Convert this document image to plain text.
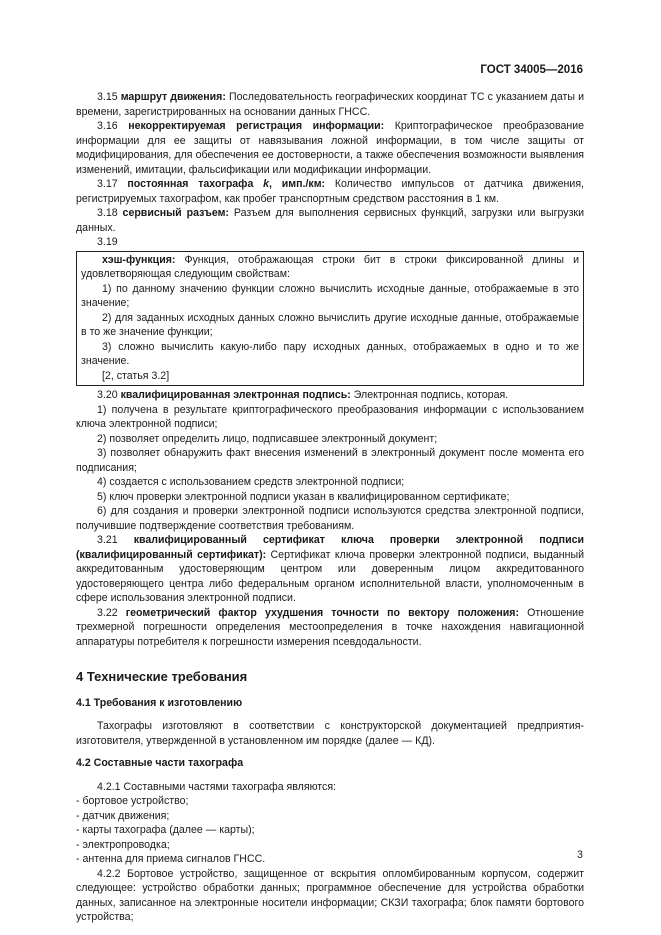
ГОСТ 34005—2016

3.15 маршрут движения: Последовательность географических координат ТС с указанием даты и времени, зарегистрированных на основании данных ГНСС.

3.16 некорректируемая регистрация информации: Криптографическое преобразование информации для ее защиты от навязывания ложной информации, в том числе защиты от модифицирования, для обеспечения ее достоверности, а также обеспечения возможности выявления изменений, имитации, фальсификации или модификации информации.

3.17 постоянная тахографа k, имп./км: Количество импульсов от датчика движения, регистрируемых тахографом, как пробег транспортным средством расстояния в 1 км.

3.18 сервисный разъем: Разъем для выполнения сервисных функций, загрузки или выгрузки данных.

3.19

хэш-функция: Функция, отображающая строки бит в строки фиксированной длины и удовлетворяющая следующим свойствам:

1) по данному значению функции сложно вычислить исходные данные, отображаемые в это значение;

2) для заданных исходных данных сложно вычислить другие исходные данные, отображаемые в то же значение функции;

3) сложно вычислить какую-либо пару исходных данных, отображаемых в одно и то же значение.

[2, статья 3.2]

3.20 квалифицированная электронная подпись: Электронная подпись, которая.

1) получена в результате криптографического преобразования информации с использованием ключа электронной подписи;

2) позволяет определить лицо, подписавшее электронный документ;

3) позволяет обнаружить факт внесения изменений в электронный документ после момента его подписания;

4) создается с использованием средств электронной подписи;

5) ключ проверки электронной подписи указан в квалифицированном сертификате;

6) для создания и проверки электронной подписи используются средства электронной подписи, получившие подтверждение соответствия требованиям.

3.21 квалифицированный сертификат ключа проверки электронной подписи (квалифицированный сертификат): Сертификат ключа проверки электронной подписи, выданный аккредитованным удостоверяющим центром или доверенным лицом аккредитованного удостоверяющего центра либо федеральным органом исполнительной власти, уполномоченным в сфере использования электронной подписи.

3.22 геометрический фактор ухудшения точности по вектору положения: Отношение трехмерной погрешности определения местоопределения в точке нахождения навигационной аппаратуры потребителя к погрешности измерения псевдодальности.

4 Технические требования

4.1 Требования к изготовлению

Тахографы изготовляют в соответствии с конструкторской документацией предприятия-изготовителя, утвержденной в установленном им порядке (далее — КД).

4.2 Составные части тахографа

4.2.1 Составными частями тахографа являются:

- бортовое устройство;

- датчик движения;

- карты тахографа (далее — карты);

- электропроводка;

- антенна для приема сигналов ГНСС.

4.2.2 Бортовое устройство, защищенное от вскрытия опломбированным корпусом, содержит следующее: устройство обработки данных; программное обеспечение для устройства обработки данных, записанное на электронные носители информации; СКЗИ тахографа; блок памяти бортового устройства;

3
